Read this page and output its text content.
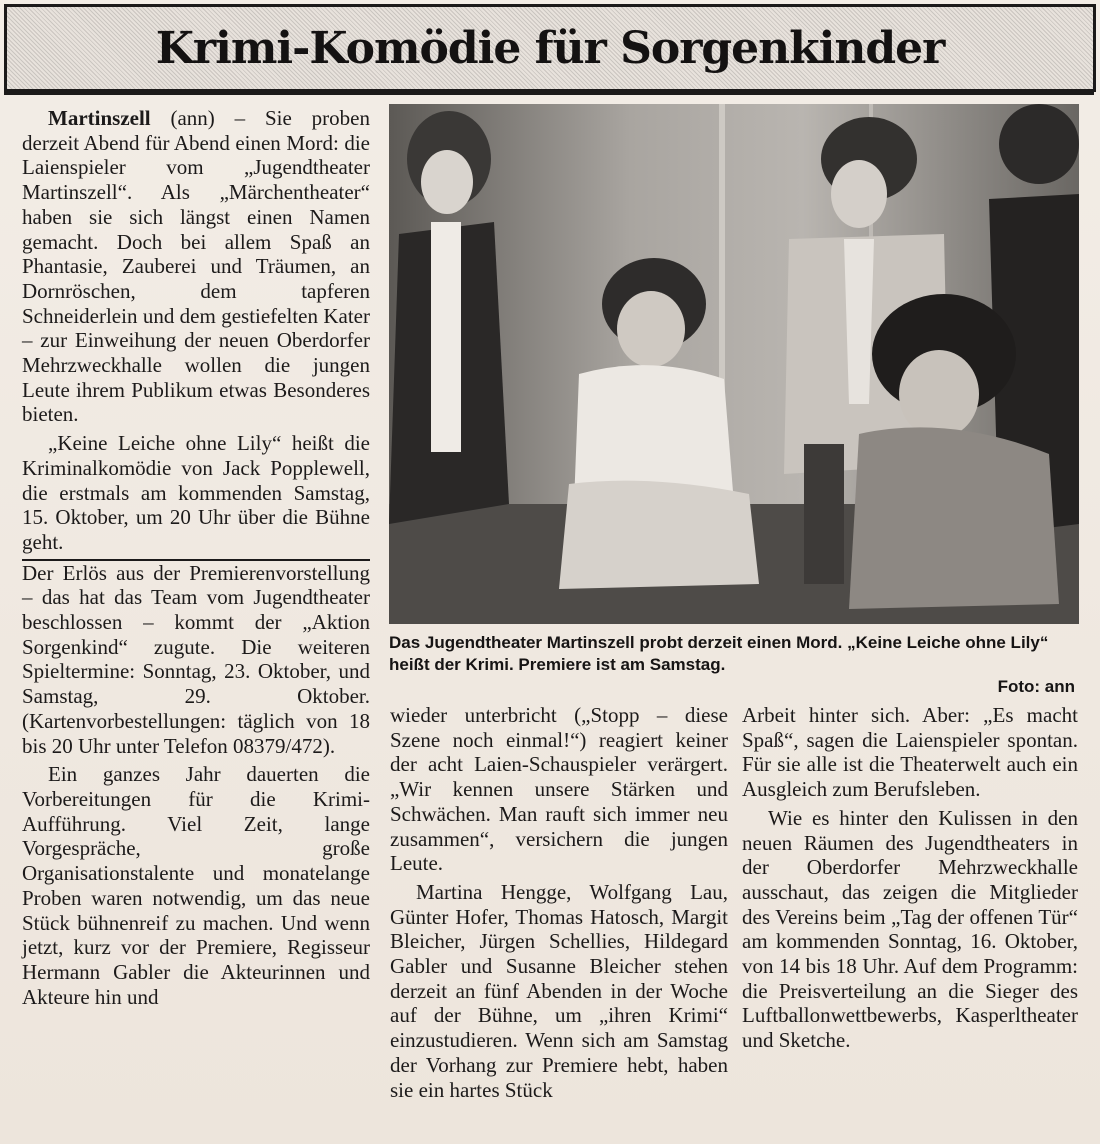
Krimi-Komödie für Sorgenkinder

Martinszell (ann) – Sie proben derzeit Abend für Abend einen Mord: die Laienspieler vom „Jugendtheater Martinszell“. Als „Märchentheater“ haben sie sich längst einen Namen gemacht. Doch bei allem Spaß an Phantasie, Zauberei und Träumen, an Dornröschen, dem tapferen Schneiderlein und dem gestiefelten Kater – zur Einweihung der neuen Oberdorfer Mehrzweckhalle wollen die jungen Leute ihrem Publikum etwas Besonderes bieten.

„Keine Leiche ohne Lily“ heißt die Kriminalkomödie von Jack Popplewell, die erstmals am kommenden Samstag, 15. Oktober, um 20 Uhr über die Bühne geht.

Der Erlös aus der Premierenvorstellung – das hat das Team vom Jugendtheater beschlossen – kommt der „Aktion Sorgenkind“ zugute. Die weiteren Spieltermine: Sonntag, 23. Oktober, und Samstag, 29. Oktober. (Kartenvorbestellungen: täglich von 18 bis 20 Uhr unter Telefon 08379/472).

Ein ganzes Jahr dauerten die Vorbereitungen für die Krimi-Aufführung. Viel Zeit, lange Vorgespräche, große Organisationstalente und monatelange Proben waren notwendig, um das neue Stück bühnenreif zu machen. Und wenn jetzt, kurz vor der Premiere, Regisseur Hermann Gabler die Akteurinnen und Akteure hin und

Das Jugendtheater Martinszell probt derzeit einen Mord. „Keine Leiche ohne Lily“ heißt der Krimi. Premiere ist am Samstag.
Foto: ann

wieder unterbricht („Stopp – diese Szene noch einmal!“) reagiert keiner der acht Laien-Schauspieler verärgert. „Wir kennen unsere Stärken und Schwächen. Man rauft sich immer neu zusammen“, versichern die jungen Leute.

Martina Hengge, Wolfgang Lau, Günter Hofer, Thomas Hatosch, Margit Bleicher, Jürgen Schellies, Hildegard Gabler und Susanne Bleicher stehen derzeit an fünf Abenden in der Woche auf der Bühne, um „ihren Krimi“ einzustudieren. Wenn sich am Samstag der Vorhang zur Premiere hebt, haben sie ein hartes Stück

Arbeit hinter sich. Aber: „Es macht Spaß“, sagen die Laienspieler spontan. Für sie alle ist die Theaterwelt auch ein Ausgleich zum Berufsleben.

Wie es hinter den Kulissen in den neuen Räumen des Jugendtheaters in der Oberdorfer Mehrzweckhalle ausschaut, das zeigen die Mitglieder des Vereins beim „Tag der offenen Tür“ am kommenden Sonntag, 16. Oktober, von 14 bis 18 Uhr. Auf dem Programm: die Preisverteilung an die Sieger des Luftballonwettbewerbs, Kasperltheater und Sketche.
